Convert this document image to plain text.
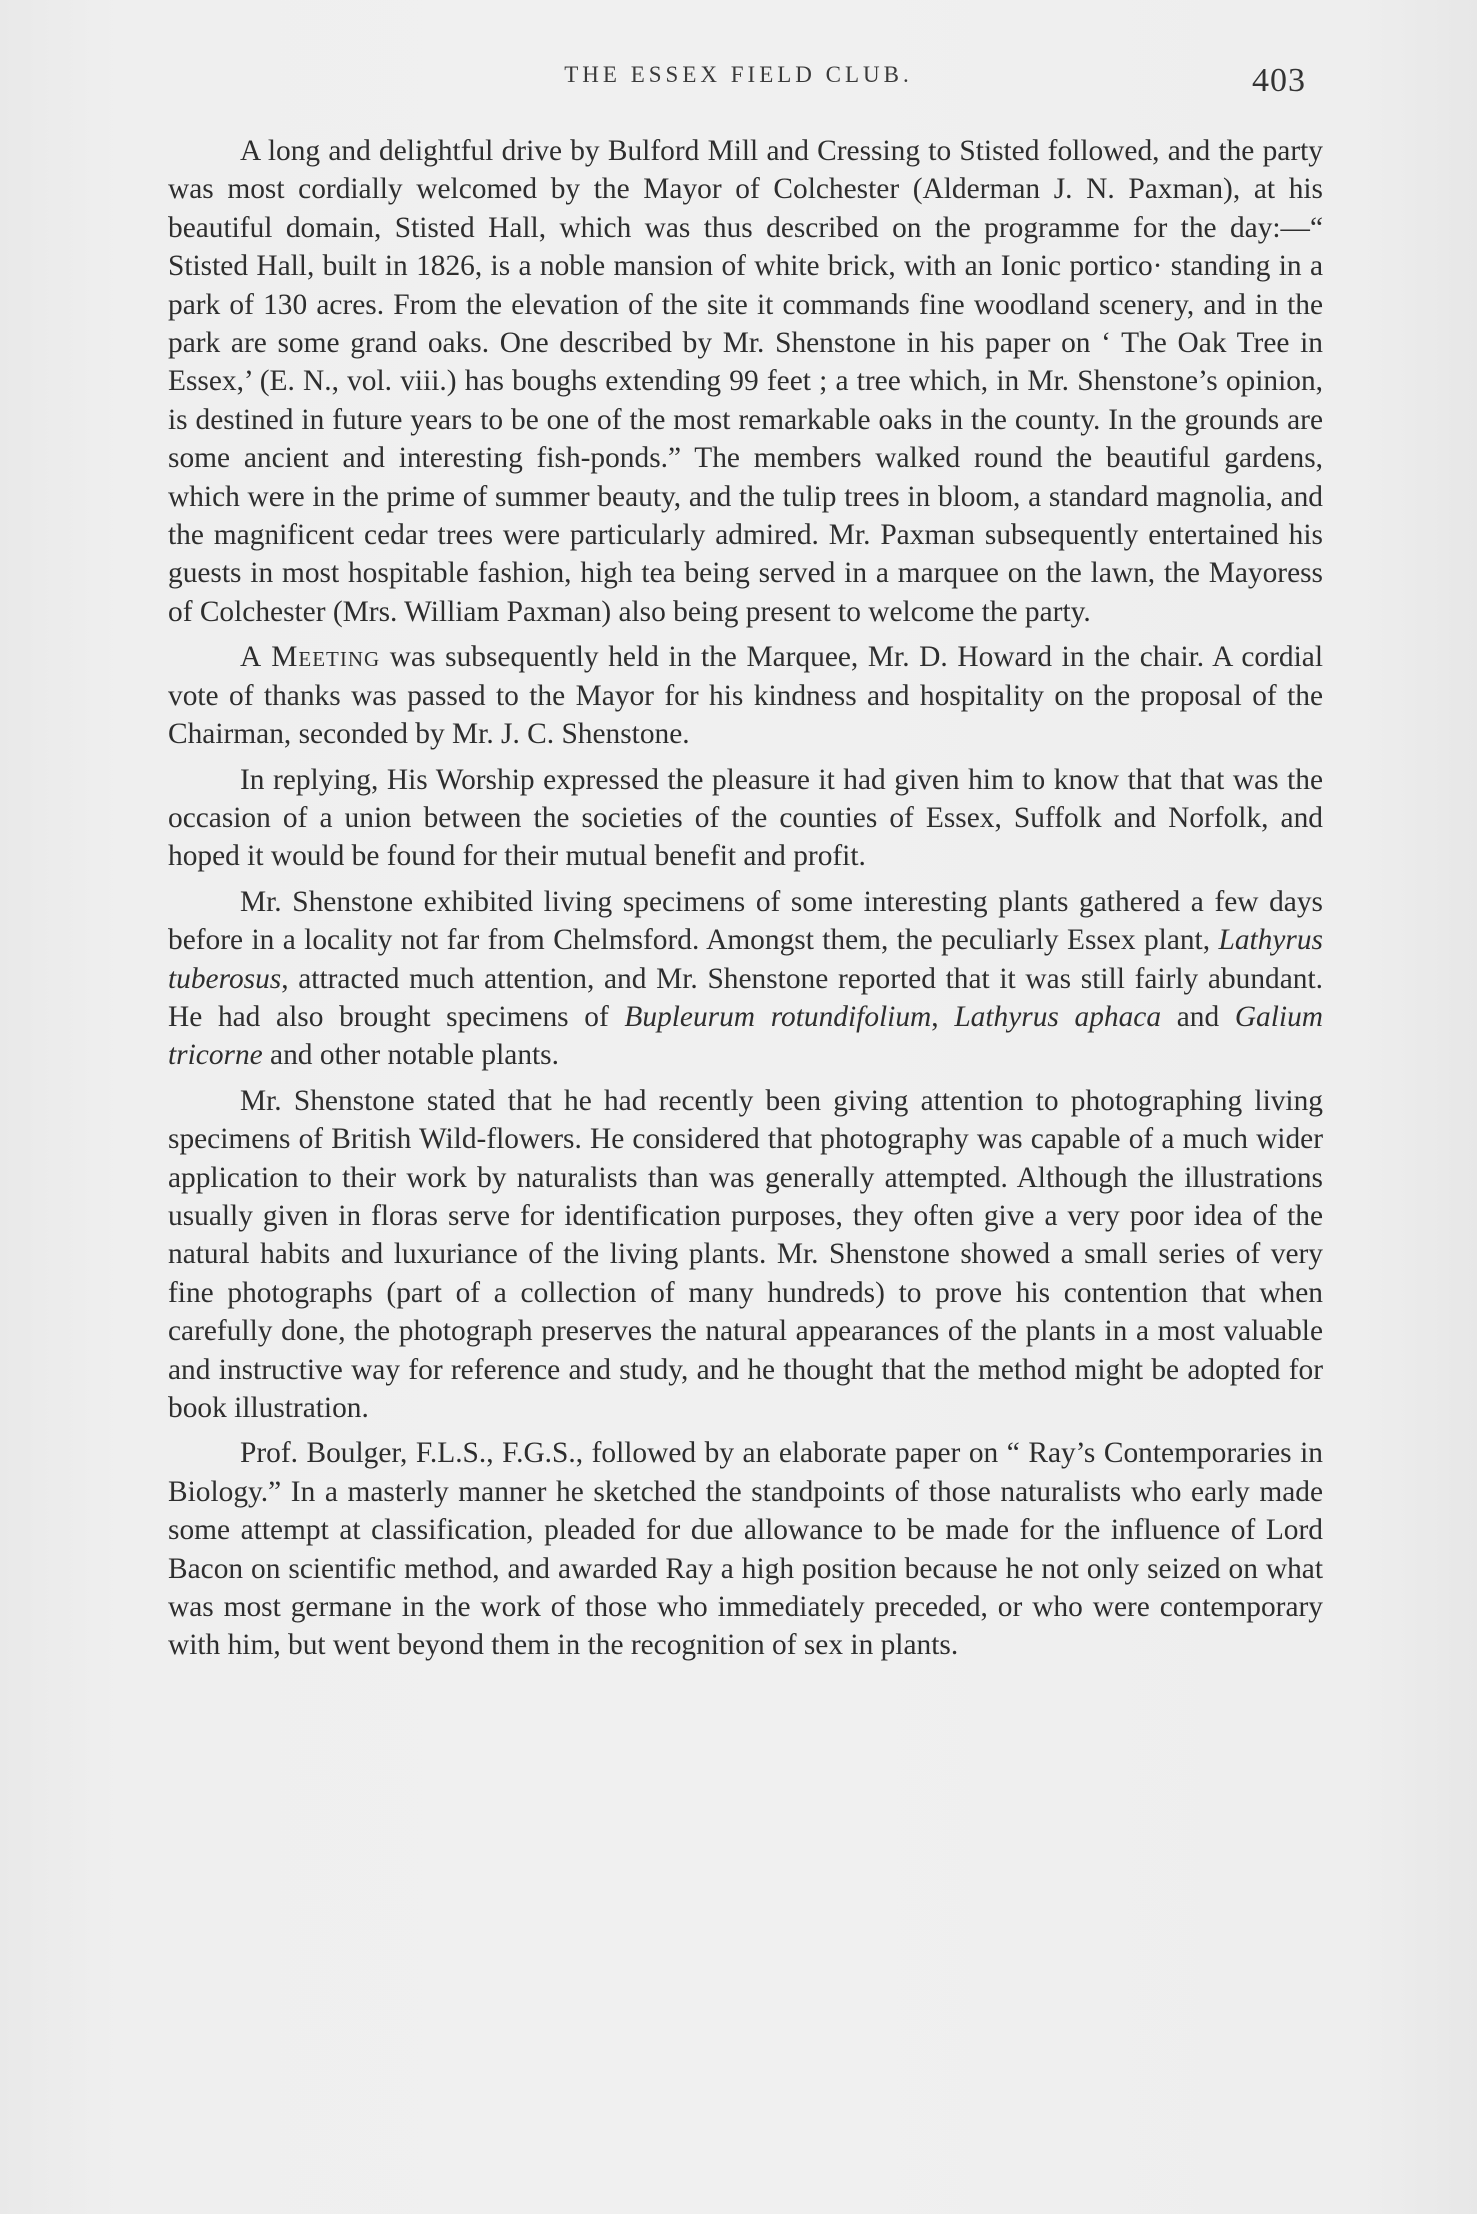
THE ESSEX FIELD CLUB.	403

A long and delightful drive by Bulford Mill and Cressing to Stisted followed, and the party was most cordially welcomed by the Mayor of Colchester (Alderman J. N. Paxman), at his beautiful domain, Stisted Hall, which was thus described on the programme for the day:—“ Stisted Hall, built in 1826, is a noble mansion of white brick, with an Ionic portico· standing in a park of 130 acres. From the elevation of the site it commands fine woodland scenery, and in the park are some grand oaks. One described by Mr. Shenstone in his paper on ‘ The Oak Tree in Essex,’ (E. N., vol. viii.) has boughs extending 99 feet ; a tree which, in Mr. Shenstone’s opinion, is destined in future years to be one of the most remarkable oaks in the county. In the grounds are some ancient and interesting fish-ponds.” The members walked round the beautiful gardens, which were in the prime of summer beauty, and the tulip trees in bloom, a standard magnolia, and the magnificent cedar trees were particularly admired. Mr. Paxman subsequently entertained his guests in most hospitable fashion, high tea being served in a marquee on the lawn, the Mayoress of Colchester (Mrs. William Paxman) also being present to welcome the party.

A Meeting was subsequently held in the Marquee, Mr. D. Howard in the chair. A cordial vote of thanks was passed to the Mayor for his kindness and hospitality on the proposal of the Chairman, seconded by Mr. J. C. Shenstone.

In replying, His Worship expressed the pleasure it had given him to know that that was the occasion of a union between the societies of the counties of Essex, Suffolk and Norfolk, and hoped it would be found for their mutual benefit and profit.

Mr. Shenstone exhibited living specimens of some interesting plants gathered a few days before in a locality not far from Chelmsford. Amongst them, the peculiarly Essex plant, Lathyrus tuberosus, attracted much attention, and Mr. Shenstone reported that it was still fairly abundant. He had also brought specimens of Bupleurum rotundifolium, Lathyrus aphaca and Galium tricorne and other notable plants.

Mr. Shenstone stated that he had recently been giving attention to photographing living specimens of British Wild-flowers. He considered that photography was capable of a much wider application to their work by naturalists than was generally attempted. Although the illustrations usually given in floras serve for identification purposes, they often give a very poor idea of the natural habits and luxuriance of the living plants. Mr. Shenstone showed a small series of very fine photographs (part of a collection of many hundreds) to prove his contention that when carefully done, the photograph preserves the natural appearances of the plants in a most valuable and instructive way for reference and study, and he thought that the method might be adopted for book illustration.

Prof. Boulger, F.L.S., F.G.S., followed by an elaborate paper on “ Ray’s Contemporaries in Biology.” In a masterly manner he sketched the standpoints of those naturalists who early made some attempt at classification, pleaded for due allowance to be made for the influence of Lord Bacon on scientific method, and awarded Ray a high position because he not only seized on what was most germane in the work of those who immediately preceded, or who were contemporary with him, but went beyond them in the recognition of sex in plants.
